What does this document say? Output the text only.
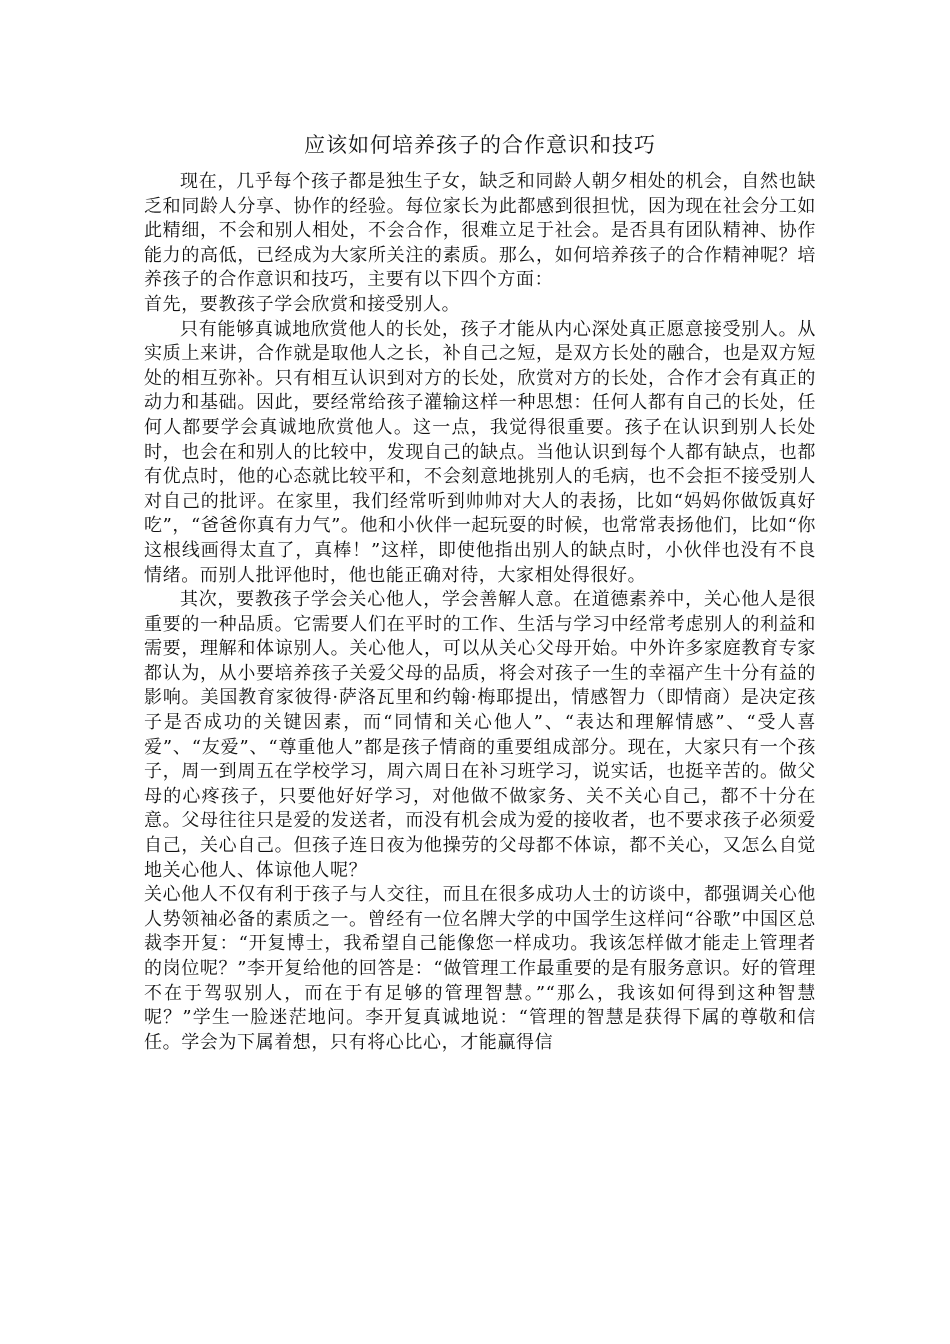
应该如何培养孩子的合作意识和技巧

现在，几乎每个孩子都是独生子女，缺乏和同龄人朝夕相处的机会，自然也缺乏和同龄人分享、协作的经验。每位家长为此都感到很担忧，因为现在社会分工如此精细，不会和别人相处，不会合作，很难立足于社会。是否具有团队精神、协作能力的高低，已经成为大家所关注的素质。那么，如何培养孩子的合作精神呢？培养孩子的合作意识和技巧，主要有以下四个方面：

首先，要教孩子学会欣赏和接受别人。

只有能够真诚地欣赏他人的长处，孩子才能从内心深处真正愿意接受别人。从实质上来讲，合作就是取他人之长，补自己之短，是双方长处的融合，也是双方短处的相互弥补。只有相互认识到对方的长处，欣赏对方的长处，合作才会有真正的动力和基础。因此，要经常给孩子灌输这样一种思想：任何人都有自己的长处，任何人都要学会真诚地欣赏他人。这一点，我觉得很重要。孩子在认识到别人长处时，也会在和别人的比较中，发现自己的缺点。当他认识到每个人都有缺点，也都有优点时，他的心态就比较平和，不会刻意地挑别人的毛病，也不会拒不接受别人对自己的批评。在家里，我们经常听到帅帅对大人的表扬，比如“妈妈你做饭真好吃”，“爸爸你真有力气”。他和小伙伴一起玩耍的时候，也常常表扬他们，比如“你这根线画得太直了，真棒！”这样，即使他指出别人的缺点时，小伙伴也没有不良情绪。而别人批评他时，他也能正确对待，大家相处得很好。

其次，要教孩子学会关心他人，学会善解人意。在道德素养中，关心他人是很重要的一种品质。它需要人们在平时的工作、生活与学习中经常考虑别人的利益和需要，理解和体谅别人。关心他人，可以从关心父母开始。中外许多家庭教育专家都认为，从小要培养孩子关爱父母的品质，将会对孩子一生的幸福产生十分有益的影响。美国教育家彼得·萨洛瓦里和约翰·梅耶提出，情感智力（即情商）是决定孩子是否成功的关键因素，而“同情和关心他人”、“表达和理解情感”、“受人喜爱”、“友爱”、“尊重他人”都是孩子情商的重要组成部分。现在，大家只有一个孩子，周一到周五在学校学习，周六周日在补习班学习，说实话，也挺辛苦的。做父母的心疼孩子，只要他好好学习，对他做不做家务、关不关心自己，都不十分在意。父母往往只是爱的发送者，而没有机会成为爱的接收者，也不要求孩子必须爱自己，关心自己。但孩子连日夜为他操劳的父母都不体谅，都不关心，又怎么自觉地关心他人、体谅他人呢？

关心他人不仅有利于孩子与人交往，而且在很多成功人士的访谈中，都强调关心他人势领袖必备的素质之一。曾经有一位名牌大学的中国学生这样问“谷歌”中国区总裁李开复：“开复博士，我希望自己能像您一样成功。我该怎样做才能走上管理者的岗位呢？”李开复给他的回答是：“做管理工作最重要的是有服务意识。好的管理不在于驾驭别人，而在于有足够的管理智慧。”“那么，我该如何得到这种智慧呢？”学生一脸迷茫地问。李开复真诚地说：“管理的智慧是获得下属的尊敬和信任。学会为下属着想，只有将心比心，才能赢得信
